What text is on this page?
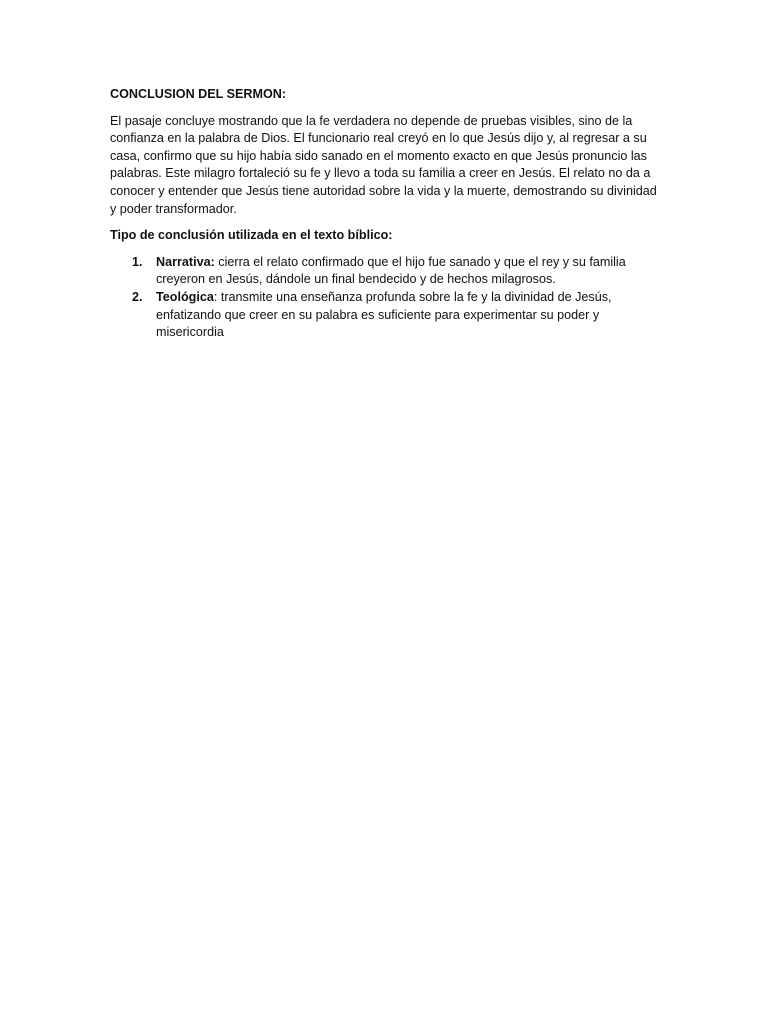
CONCLUSION DEL SERMON:
El pasaje concluye mostrando que la fe verdadera no depende de pruebas visibles, sino de la confianza en la palabra de Dios. El funcionario real creyó en lo que Jesús dijo y, al regresar a su casa, confirmo que su hijo había sido sanado en el momento exacto en que Jesús pronuncio las palabras. Este milagro fortaleció su fe y llevo a toda su familia a creer en Jesús. El relato no da a conocer y entender que Jesús tiene autoridad sobre la vida y la muerte, demostrando su divinidad y poder transformador.
Tipo de conclusión utilizada en el texto bíblico:
1. Narrativa: cierra el relato confirmado que el hijo fue sanado y que el rey y su familia creyeron en Jesús, dándole un final bendecido y de hechos milagrosos.
2. Teológica: transmite una enseñanza profunda sobre la fe y la divinidad de Jesús, enfatizando que creer en su palabra es suficiente para experimentar su poder y misericordia
